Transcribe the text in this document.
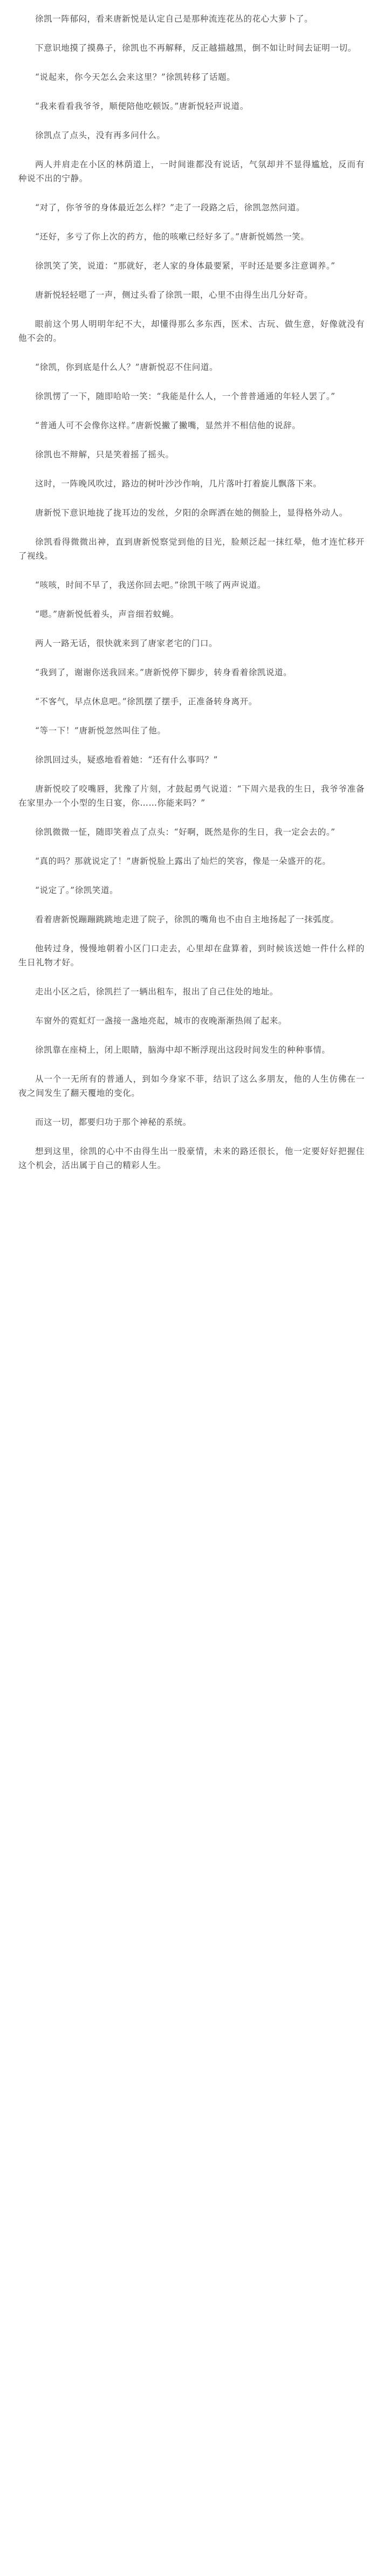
徐凯一阵郁闷，看来唐新悦是认定自己是那种流连花丛的花心大萝卜了。

下意识地摸了摸鼻子，徐凯也不再解释，反正越描越黑，倒不如让时间去证明一切。

“说起来，你今天怎么会来这里？”徐凯转移了话题。

“我来看看我爷爷，顺便陪他吃顿饭。”唐新悦轻声说道。

徐凯点了点头，没有再多问什么。

两人并肩走在小区的林荫道上，一时间谁都没有说话，气氛却并不显得尴尬，反而有种说不出的宁静。

“对了，你爷爷的身体最近怎么样？”走了一段路之后，徐凯忽然问道。

“还好，多亏了你上次的药方，他的咳嗽已经好多了。”唐新悦嫣然一笑。

徐凯笑了笑，说道：“那就好，老人家的身体最要紧，平时还是要多注意调养。”

唐新悦轻轻嗯了一声，侧过头看了徐凯一眼，心里不由得生出几分好奇。

眼前这个男人明明年纪不大，却懂得那么多东西，医术、古玩、做生意，好像就没有他不会的。

“徐凯，你到底是什么人？”唐新悦忍不住问道。

徐凯愣了一下，随即哈哈一笑：“我能是什么人，一个普普通通的年轻人罢了。”

“普通人可不会像你这样。”唐新悦撇了撇嘴，显然并不相信他的说辞。

徐凯也不辩解，只是笑着摇了摇头。

这时，一阵晚风吹过，路边的树叶沙沙作响，几片落叶打着旋儿飘落下来。

唐新悦下意识地拢了拢耳边的发丝，夕阳的余晖洒在她的侧脸上，显得格外动人。

徐凯看得微微出神，直到唐新悦察觉到他的目光，脸颊泛起一抹红晕，他才连忙移开了视线。

“咳咳，时间不早了，我送你回去吧。”徐凯干咳了两声说道。

“嗯。”唐新悦低着头，声音细若蚊蝇。

两人一路无话，很快就来到了唐家老宅的门口。

“我到了，谢谢你送我回来。”唐新悦停下脚步，转身看着徐凯说道。

“不客气，早点休息吧。”徐凯摆了摆手，正准备转身离开。

“等一下！”唐新悦忽然叫住了他。

徐凯回过头，疑惑地看着她：“还有什么事吗？”

唐新悦咬了咬嘴唇，犹豫了片刻，才鼓起勇气说道：“下周六是我的生日，我爷爷准备在家里办一个小型的生日宴，你……你能来吗？”

徐凯微微一怔，随即笑着点了点头：“好啊，既然是你的生日，我一定会去的。”

“真的吗？那就说定了！”唐新悦脸上露出了灿烂的笑容，像是一朵盛开的花。

“说定了。”徐凯笑道。

看着唐新悦蹦蹦跳跳地走进了院子，徐凯的嘴角也不由自主地扬起了一抹弧度。

他转过身，慢慢地朝着小区门口走去，心里却在盘算着，到时候该送她一件什么样的生日礼物才好。

走出小区之后，徐凯拦了一辆出租车，报出了自己住处的地址。

车窗外的霓虹灯一盏接一盏地亮起，城市的夜晚渐渐热闹了起来。

徐凯靠在座椅上，闭上眼睛，脑海中却不断浮现出这段时间发生的种种事情。

从一个一无所有的普通人，到如今身家不菲，结识了这么多朋友，他的人生仿佛在一夜之间发生了翻天覆地的变化。

而这一切，都要归功于那个神秘的系统。

想到这里，徐凯的心中不由得生出一股豪情，未来的路还很长，他一定要好好把握住这个机会，活出属于自己的精彩人生。
